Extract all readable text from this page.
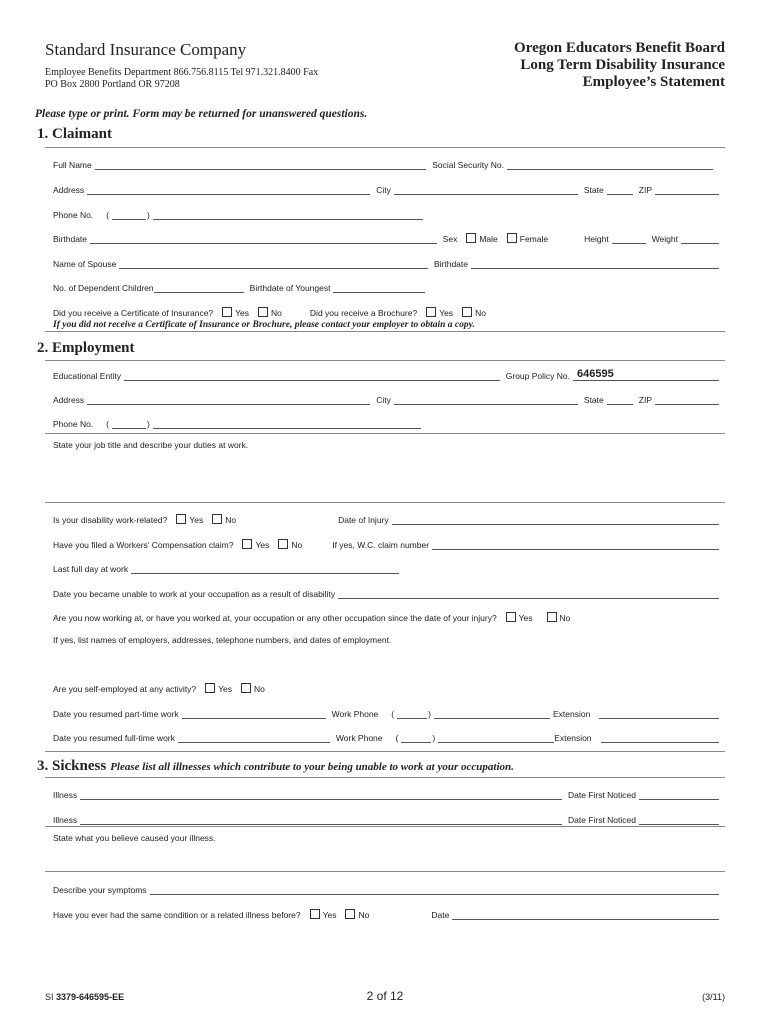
Standard Insurance Company
Employee Benefits Department 866.756.8115 Tel 971.321.8400 Fax
PO Box 2800 Portland OR 97208
Oregon Educators Benefit Board
Long Term Disability Insurance
Employee’s Statement
Please type or print. Form may be returned for unanswered questions.
1. Claimant
Full Name	Social Security No.
Address	City	State	ZIP
Phone No. (	)
Birthdate	Sex	Male	Female	Height	Weight
Name of Spouse	Birthdate
No. of Dependent Children	Birthdate of Youngest
Did you receive a Certificate of Insurance?	Yes	No	Did you receive a Brochure?	Yes	No
If you did not receive a Certificate of Insurance or Brochure, please contact your employer to obtain a copy.
2. Employment
Educational Entity	Group Policy No. 646595
Address	City	State	ZIP
Phone No. (	)
State your job title and describe your duties at work.
Is your disability work-related?	Yes	No	Date of Injury
Have you filed a Workers’ Compensation claim?	Yes	No	If yes, W.C. claim number
Last full day at work
Date you became unable to work at your occupation as a result of disability
Are you now working at, or have you worked at, your occupation or any other occupation since the date of your injury?	Yes	No
If yes, list names of employers, addresses, telephone numbers, and dates of employment.
Are you self-employed at any activity?	Yes	No
Date you resumed part-time work	Work Phone (	)	Extension
Date you resumed full-time work	Work Phone (	)	Extension
3. Sickness Please list all illnesses which contribute to your being unable to work at your occupation.
Illness	Date First Noticed
Illness	Date First Noticed
State what you believe caused your illness.
Describe your symptoms
Have you ever had the same condition or a related illness before?	Yes	No	Date
SI 3379-646595-EE	2 of 12	(3/11)
